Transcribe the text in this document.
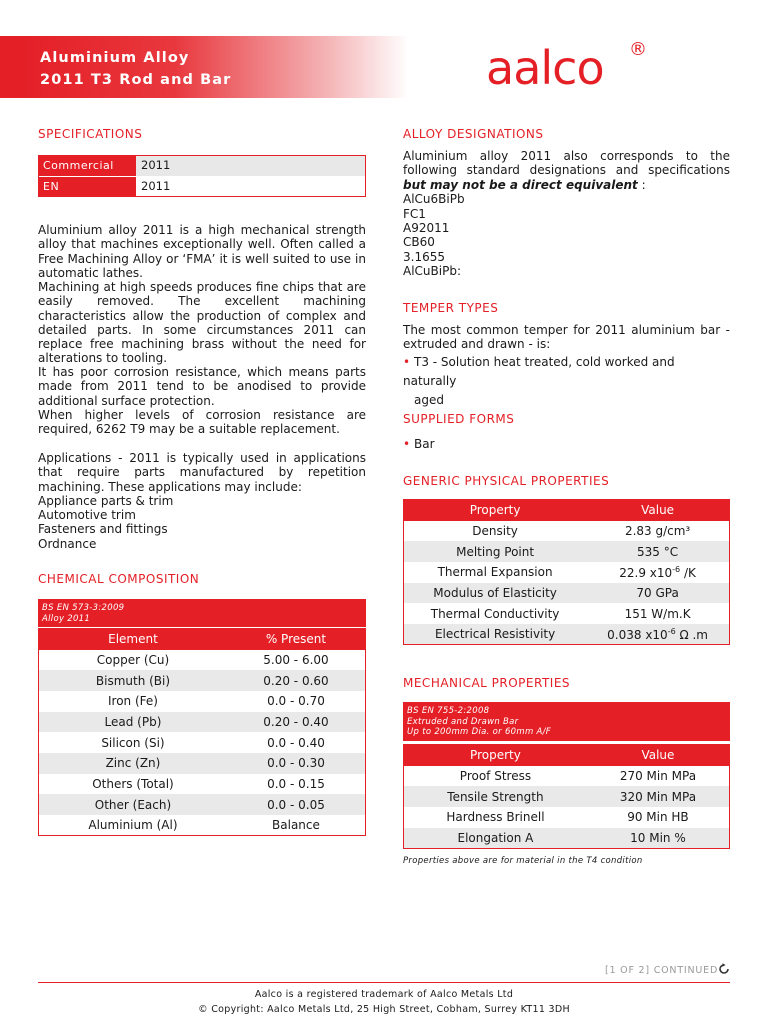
Aluminium Alloy
2011 T3 Rod and Bar	aalco ®
SPECIFICATIONS
Commercial	2011
EN	2011
Aluminium alloy 2011 is a high mechanical strength alloy that machines exceptionally well. Often called a Free Machining Alloy or ‘FMA’ it is well suited to use in automatic lathes.
Machining at high speeds produces fine chips that are easily removed. The excellent machining characteristics allow the production of complex and detailed parts. In some circumstances 2011 can replace free machining brass without the need for alterations to tooling.
It has poor corrosion resistance, which means parts made from 2011 tend to be anodised to provide additional surface protection.
When higher levels of corrosion resistance are required, 6262 T9 may be a suitable replacement.
Applications - 2011 is typically used in applications that require parts manufactured by repetition machining. These applications may include:
Appliance parts & trim
Automotive trim
Fasteners and fittings
Ordnance
CHEMICAL COMPOSITION
BS EN 573-3:2009
Alloy 2011
Element	% Present
Copper (Cu)	5.00 - 6.00
Bismuth (Bi)	0.20 - 0.60
Iron (Fe)	0.0 - 0.70
Lead (Pb)	0.20 - 0.40
Silicon (Si)	0.0 - 0.40
Zinc (Zn)	0.0 - 0.30
Others (Total)	0.0 - 0.15
Other (Each)	0.0 - 0.05
Aluminium (Al)	Balance
ALLOY DESIGNATIONS
Aluminium alloy 2011 also corresponds to the following standard designations and specifications but may not be a direct equivalent :
AlCu6BiPb
FC1
A92011
CB60
3.1655
AlCuBiPb:
TEMPER TYPES
The most common temper for 2011 aluminium bar - extruded and drawn - is:
• T3 - Solution heat treated, cold worked and naturally
aged
SUPPLIED FORMS
• Bar
GENERIC PHYSICAL PROPERTIES
Property	Value
Density	2.83 g/cm³
Melting Point	535 °C
Thermal Expansion	22.9 $x10^{-6}$ /K
Modulus of Elasticity	70 GPa
Thermal Conductivity	151 W/m.K
Electrical Resistivity	0.038 $x10^{-6}$ Ω .m
MECHANICAL PROPERTIES
BS EN 755-2:2008
Extruded and Drawn Bar
Up to 200mm Dia. or 60mm A/F
Property	Value
Proof Stress	270 Min MPa
Tensile Strength	320 Min MPa
Hardness Brinell	90 Min HB
Elongation A	10 Min %
Properties above are for material in the T4 condition
[1 OF 2] CONTINUED
Aalco is a registered trademark of Aalco Metals Ltd
© Copyright: Aalco Metals Ltd, 25 High Street, Cobham, Surrey KT11 3DH
